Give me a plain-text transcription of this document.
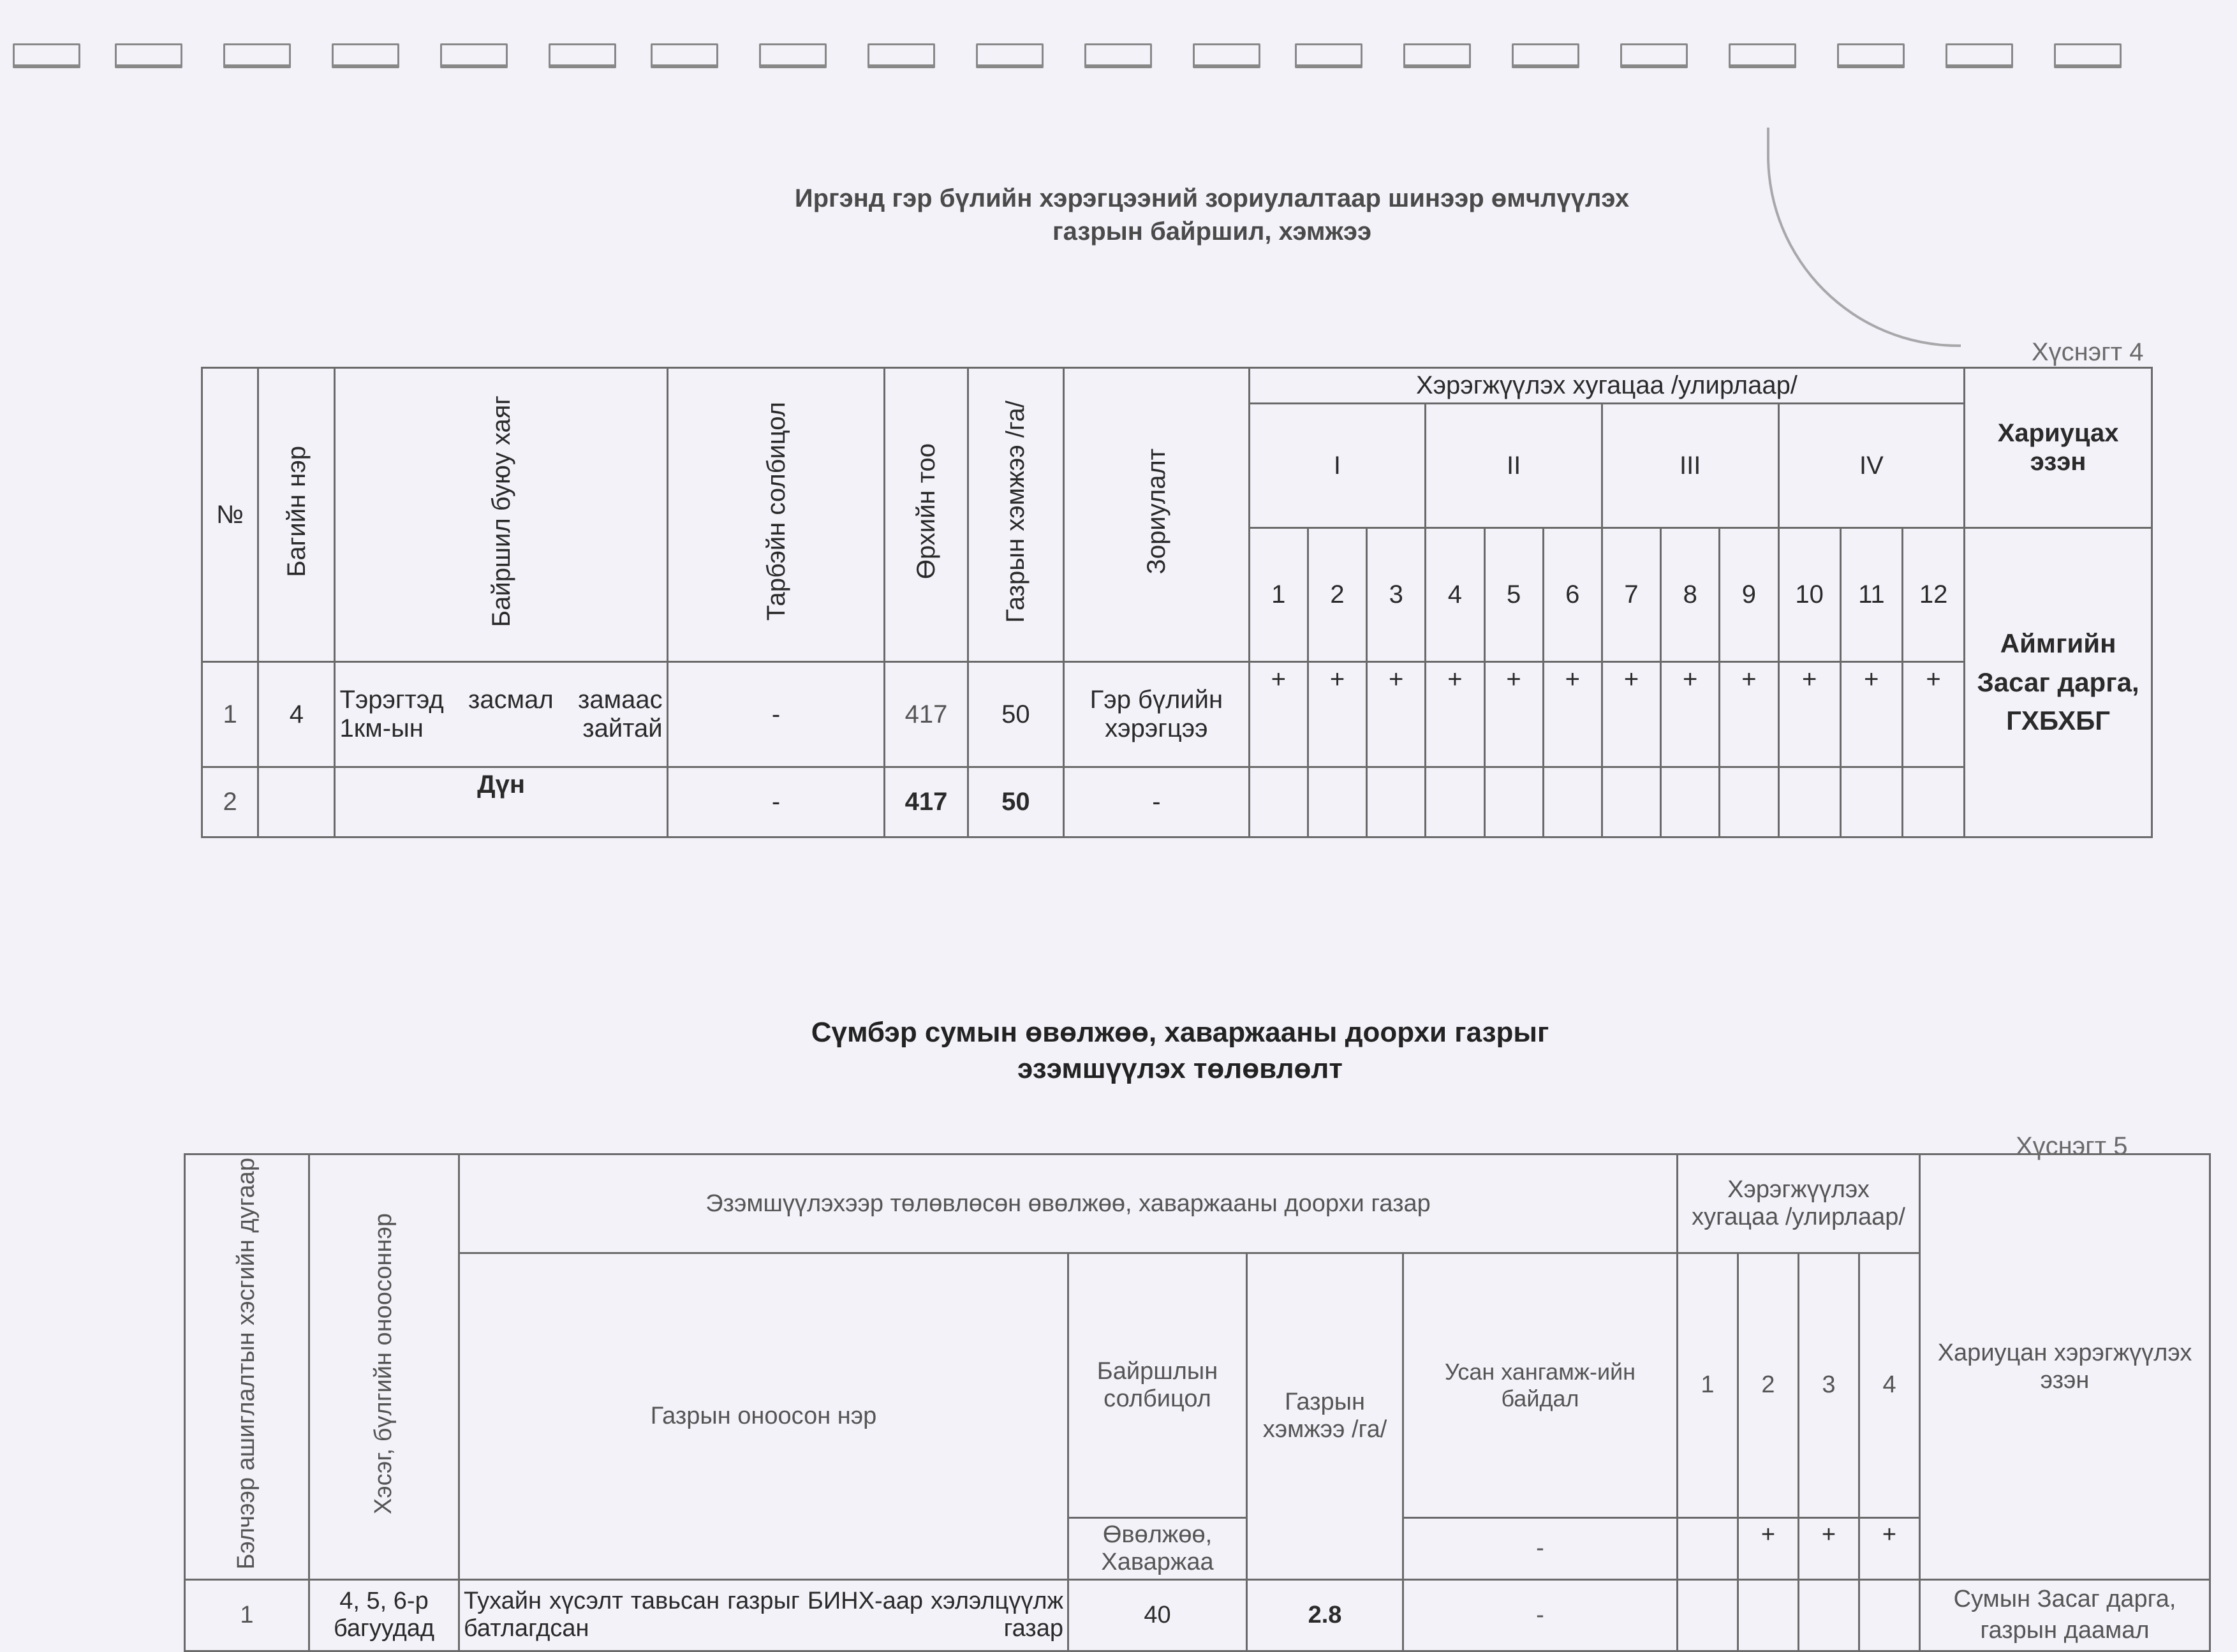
Иргэнд гэр бүлийн хэрэгцээний зориулалтаар шинээр өмчлүүлэх
газрын байршил, хэмжээ
Хүснэгт 4
№	Багийн нэр	Байршил буюу хаяг	Тарбэйн солбицол	Өрхийн тоо	Газрын хэмжээ /га/	Зориулалт	Хэрэгжүүлэх хугацаа /улирлаар/												Хариуцах эзэн
							I			II			III			IV			
							1	2	3	4	5	6	7	8	9	10	11	12	Аймгийн Засаг дарга, ГХБХБГ
1	4	Тэрэгтэд засмал замаас 1км-ын зайтай	-	417	50	Гэр бүлийн хэрэгцээ	+	+	+	+	+	+	+	+	+	+	+	+	
2		Дүн	-	417	50	-													
Сүмбэр сумын өвөлжөө, хаваржааны доорхи газрыг
эзэмшүүлэх төлөвлөлт
Хүснэгт 5
Бэлчээр ашиглалтын хэсгийн дугаар	Хэсэг, бүлгийн оноосоннэр	Эзэмшүүлэхээр төлөвлөсөн өвөлжөө, хаваржааны доорхи газар				Хэрэгжүүлэх хугацаа /улирлаар/				Хариуцан хэрэгжүүлэх эзэн
		Газрын оноосон нэр	Байршлын солбицол	Газрын хэмжээ /га/	Усан хангамж-ийн байдал	1	2	3	4	
			Өвөлжөө, Хаваржаа		-		+	+	+	
1	4, 5, 6-р багуудад	Тухайн хүсэлт тавьсан газрыг БИНХ-аар хэлэлцүүлж батлагдсан газар	40	2.8	-					Сумын Засаг дарга, газрын даамал
